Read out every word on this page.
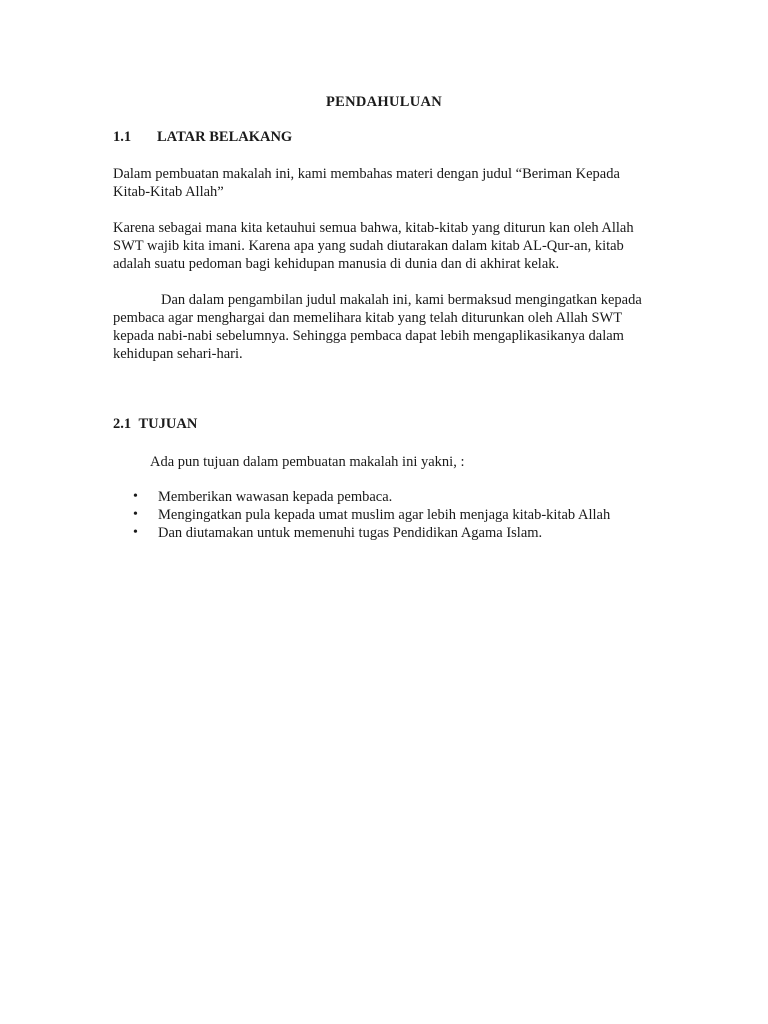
PENDAHULUAN
1.1 LATAR BELAKANG

Dalam pembuatan makalah ini, kami membahas materi dengan judul “Beriman Kepada Kitab-Kitab Allah”

Karena sebagai mana kita ketauhui semua bahwa, kitab-kitab yang diturun kan oleh Allah SWT wajib kita imani. Karena apa yang sudah diutarakan dalam kitab AL-Qur-an, kitab adalah suatu pedoman bagi kehidupan manusia di dunia dan di akhirat kelak.

Dan dalam pengambilan judul makalah ini, kami bermaksud mengingatkan kepada pembaca agar menghargai dan memelihara kitab yang telah diturunkan oleh Allah SWT kepada nabi-nabi sebelumnya. Sehingga pembaca dapat lebih mengaplikasikanya dalam kehidupan sehari-hari.

2.1 TUJUAN

Ada pun tujuan dalam pembuatan makalah ini yakni, :

• Memberikan wawasan kepada pembaca.
• Mengingatkan pula kepada umat muslim agar lebih menjaga kitab-kitab Allah
• Dan diutamakan untuk memenuhi tugas Pendidikan Agama Islam.
